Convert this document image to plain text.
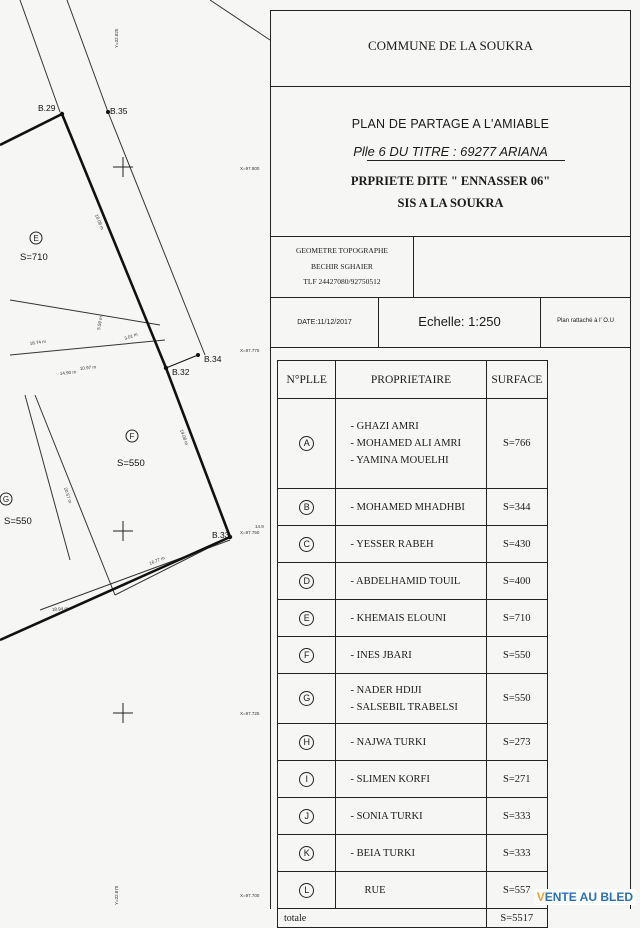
E
F
G
S=710
S=550
S=550
B.29	B.35
B.32
B.34
B.33
Y=32.825
X=97.800
X=97.775
X=97.750
X=97.725
X=97.700
Y=32.875
18.74 m
14.90 m
10.97 m
3.01 m
5.59 m
18.08 m
19.08 m
20.57 m
16.77 m
18.94 m
14.9
COMMUNE DE LA SOUKRA
PLAN DE PARTAGE A L'AMIABLE
Plle 6 DU TITRE : 69277 ARIANA
PRPRIETE DITE " ENNASSER 06"
SIS A LA SOUKRA
GEOMETRE TOPOGRAPHE
BECHIR SGHAIER
TLF 24427080/92750512
DATE:11/12/2017	Echelle: 1:250	Plan rattaché à l' O.U
N°PLLE	PROPRIETAIRE	SURFACE
A	- GHAZI AMRI
- MOHAMED ALI AMRI
- YAMINA MOUELHI	S=766
B	- MOHAMED MHADHBI	S=344
C	- YESSER RABEH	S=430
D	- ABDELHAMID TOUIL	S=400
E	- KHEMAIS ELOUNI	S=710
F	- INES JBARI	S=550
G	- NADER HDIJI
- SALSEBIL TRABELSI	S=550
H	- NAJWA TURKI	S=273
I	- SLIMEN KORFI	S=271
J	- SONIA TURKI	S=333
K	- BEIA TURKI	S=333
L	RUE	S=557
totale		S=5517
VENTE AU BLED
